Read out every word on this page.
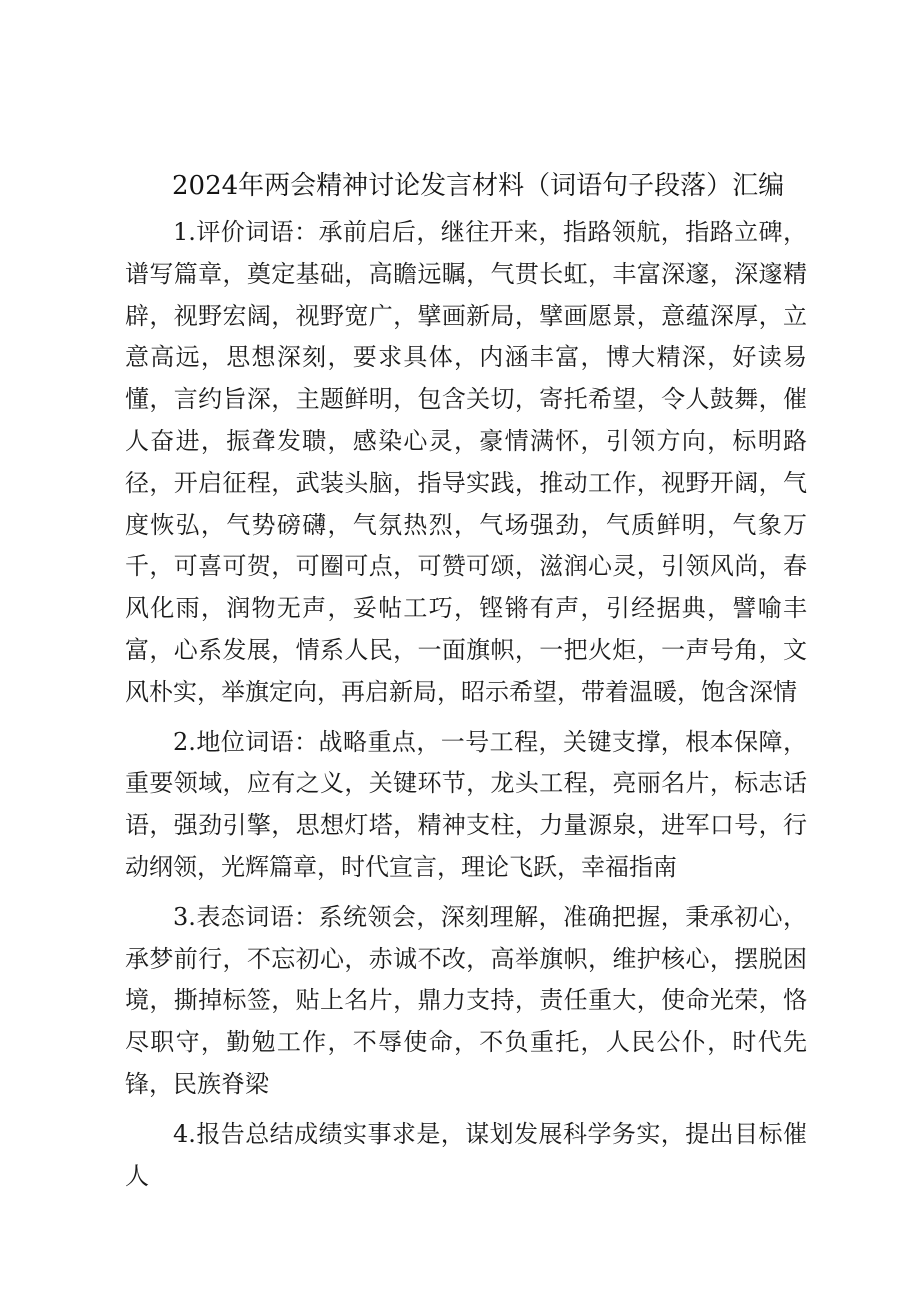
2024年两会精神讨论发言材料（词语句子段落）汇编

1.评价词语：承前启后，继往开来，指路领航，指路立碑，谱写篇章，奠定基础，高瞻远瞩，气贯长虹，丰富深邃，深邃精辟，视野宏阔，视野宽广，擘画新局，擘画愿景，意蕴深厚，立意高远，思想深刻，要求具体，内涵丰富，博大精深，好读易懂，言约旨深，主题鲜明，包含关切，寄托希望，令人鼓舞，催人奋进，振聋发聩，感染心灵，豪情满怀，引领方向，标明路径，开启征程，武装头脑，指导实践，推动工作，视野开阔，气度恢弘，气势磅礴，气氛热烈，气场强劲，气质鲜明，气象万千，可喜可贺，可圈可点，可赞可颂，滋润心灵，引领风尚，春风化雨，润物无声，妥帖工巧，铿锵有声，引经据典，譬喻丰富，心系发展，情系人民，一面旗帜，一把火炬，一声号角，文风朴实，举旗定向，再启新局，昭示希望，带着温暖，饱含深情

2.地位词语：战略重点，一号工程，关键支撑，根本保障，重要领域，应有之义，关键环节，龙头工程，亮丽名片，标志话语，强劲引擎，思想灯塔，精神支柱，力量源泉，进军口号，行动纲领，光辉篇章，时代宣言，理论飞跃，幸福指南

3.表态词语：系统领会，深刻理解，准确把握，秉承初心，承梦前行，不忘初心，赤诚不改，高举旗帜，维护核心，摆脱困境，撕掉标签，贴上名片，鼎力支持，责任重大，使命光荣，恪尽职守，勤勉工作，不辱使命，不负重托，人民公仆，时代先锋，民族脊梁

4.报告总结成绩实事求是，谋划发展科学务实，提出目标催人
